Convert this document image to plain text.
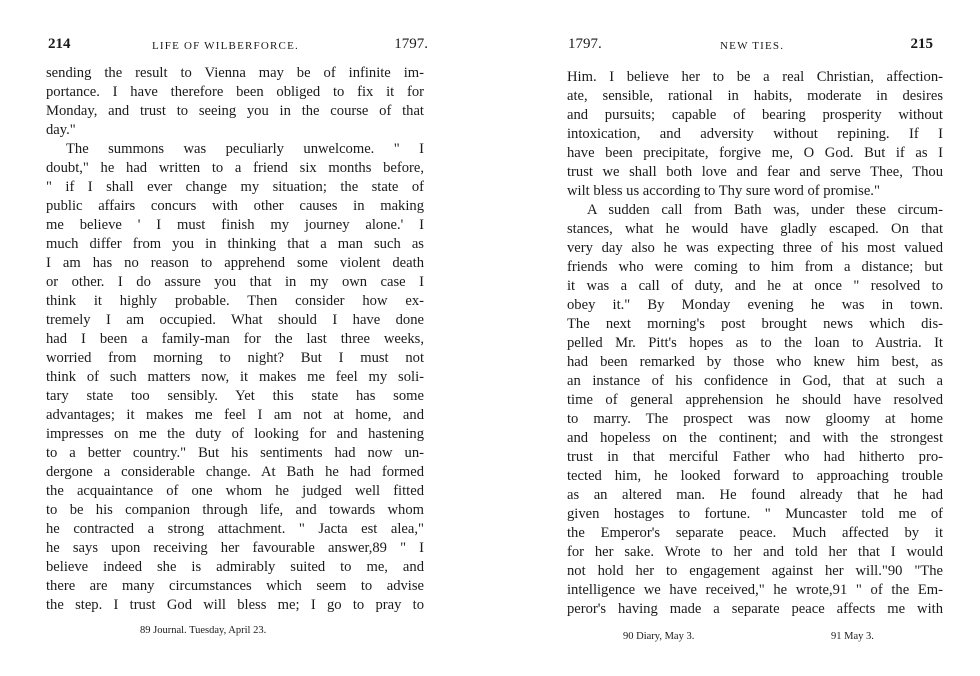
214	LIFE OF WILBERFORCE.	1797.
sending the result to Vienna may be of infinite im-
portance. I have therefore been obliged to fix it for
Monday, and trust to seeing you in the course of that
day."
The summons was peculiarly unwelcome. " I
doubt," he had written to a friend six months before,
" if I shall ever change my situation; the state of
public affairs concurs with other causes in making
me believe ' I must finish my journey alone.' I
much differ from you in thinking that a man such as
I am has no reason to apprehend some violent death
or other. I do assure you that in my own case I
think it highly probable. Then consider how ex-
tremely I am occupied. What should I have done
had I been a family-man for the last three weeks,
worried from morning to night? But I must not
think of such matters now, it makes me feel my soli-
tary state too sensibly. Yet this state has some
advantages; it makes me feel I am not at home, and
impresses on me the duty of looking for and hastening
to a better country." But his sentiments had now un-
dergone a considerable change. At Bath he had formed
the acquaintance of one whom he judged well fitted
to be his companion through life, and towards whom
he contracted a strong attachment. " Jacta est alea,"
he says upon receiving her favourable answer,89 " I
believe indeed she is admirably suited to me, and
there are many circumstances which seem to advise
the step. I trust God will bless me; I go to pray to
89 Journal. Tuesday, April 23.
1797.	NEW TIES.	215
Him. I believe her to be a real Christian, affection-
ate, sensible, rational in habits, moderate in desires
and pursuits; capable of bearing prosperity without
intoxication, and adversity without repining. If I
have been precipitate, forgive me, O God. But if as I
trust we shall both love and fear and serve Thee, Thou
wilt bless us according to Thy sure word of promise."
A sudden call from Bath was, under these circum-
stances, what he would have gladly escaped. On that
very day also he was expecting three of his most valued
friends who were coming to him from a distance; but
it was a call of duty, and he at once " resolved to
obey it." By Monday evening he was in town.
The next morning's post brought news which dis-
pelled Mr. Pitt's hopes as to the loan to Austria. It
had been remarked by those who knew him best, as
an instance of his confidence in God, that at such a
time of general apprehension he should have resolved
to marry. The prospect was now gloomy at home
and hopeless on the continent; and with the strongest
trust in that merciful Father who had hitherto pro-
tected him, he looked forward to approaching trouble
as an altered man. He found already that he had
given hostages to fortune. " Muncaster told me of
the Emperor's separate peace. Much affected by it
for her sake. Wrote to her and told her that I would
not hold her to engagement against her will."90 "The
intelligence we have received," he wrote,91 " of the Em-
peror's having made a separate peace affects me with
90 Diary, May 3.	91 May 3.
